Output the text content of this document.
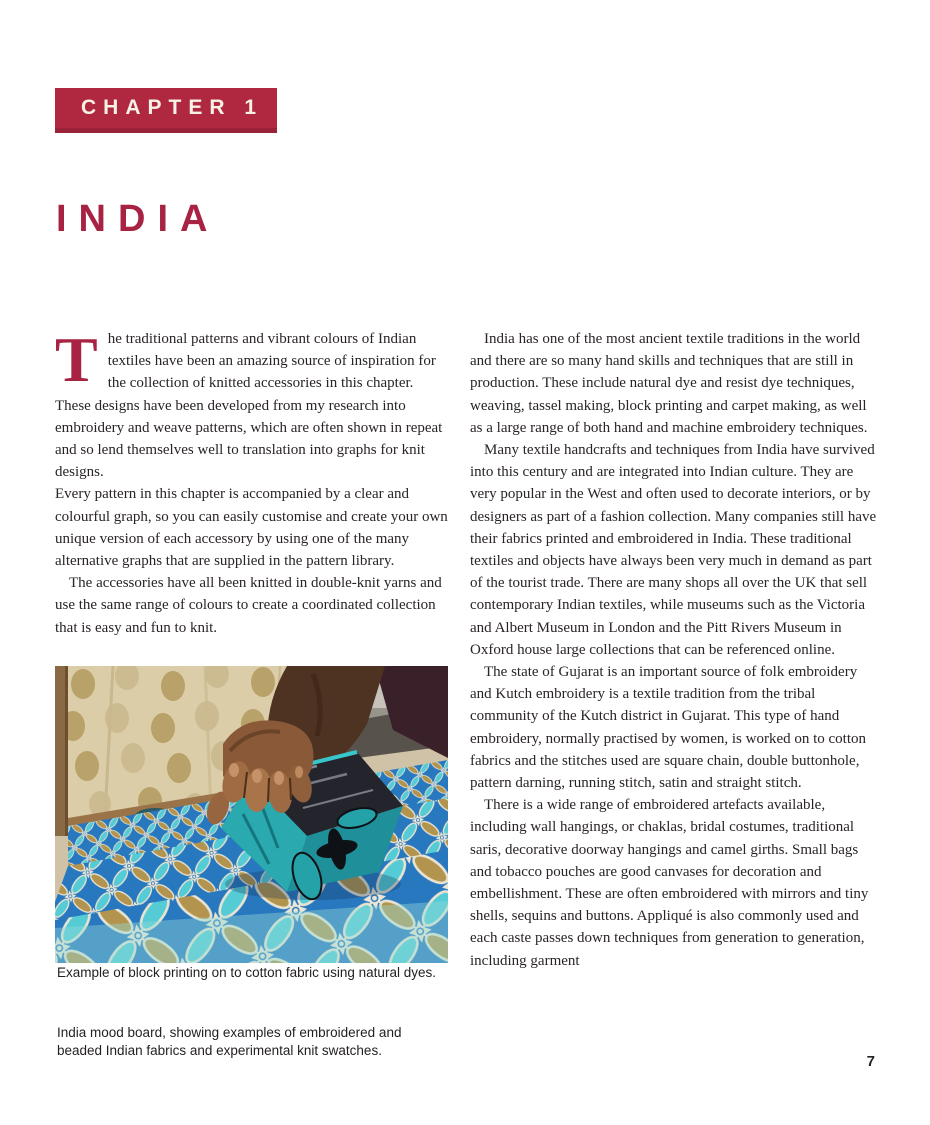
CHAPTER 1
INDIA

The traditional patterns and vibrant colours of Indian textiles have been an amazing source of inspiration for the collection of knitted accessories in this chapter. These designs have been developed from my research into embroidery and weave patterns, which are often shown in repeat and so lend themselves well to translation into graphs for knit designs.

Every pattern in this chapter is accompanied by a clear and colourful graph, so you can easily customise and create your own unique version of each accessory by using one of the many alternative graphs that are supplied in the pattern library.

The accessories have all been knitted in double-knit yarns and use the same range of colours to create a coordinated collection that is easy and fun to knit.

India has one of the most ancient textile traditions in the world and there are so many hand skills and techniques that are still in production. These include natural dye and resist dye techniques, weaving, tassel making, block printing and carpet making, as well as a large range of both hand and machine embroidery techniques.

Many textile handcrafts and techniques from India have survived into this century and are integrated into Indian culture. They are very popular in the West and often used to decorate interiors, or by designers as part of a fashion collection. Many companies still have their fabrics printed and embroidered in India. These traditional textiles and objects have always been very much in demand as part of the tourist trade. There are many shops all over the UK that sell contemporary Indian textiles, while museums such as the Victoria and Albert Museum in London and the Pitt Rivers Museum in Oxford house large collections that can be referenced online.

The state of Gujarat is an important source of folk embroidery and Kutch embroidery is a textile tradition from the tribal community of the Kutch district in Gujarat. This type of hand embroidery, normally practised by women, is worked on to cotton fabrics and the stitches used are square chain, double buttonhole, pattern darning, running stitch, satin and straight stitch.

There is a wide range of embroidered artefacts available, including wall hangings, or chaklas, bridal costumes, traditional saris, decorative doorway hangings and camel girths. Small bags and tobacco pouches are good canvases for decoration and embellishment. These are often embroidered with mirrors and tiny shells, sequins and buttons. Appliqué is also commonly used and each caste passes down techniques from generation to generation, including garment

Example of block printing on to cotton fabric using natural dyes.

India mood board, showing examples of embroidered and beaded Indian fabrics and experimental knit swatches.

7
